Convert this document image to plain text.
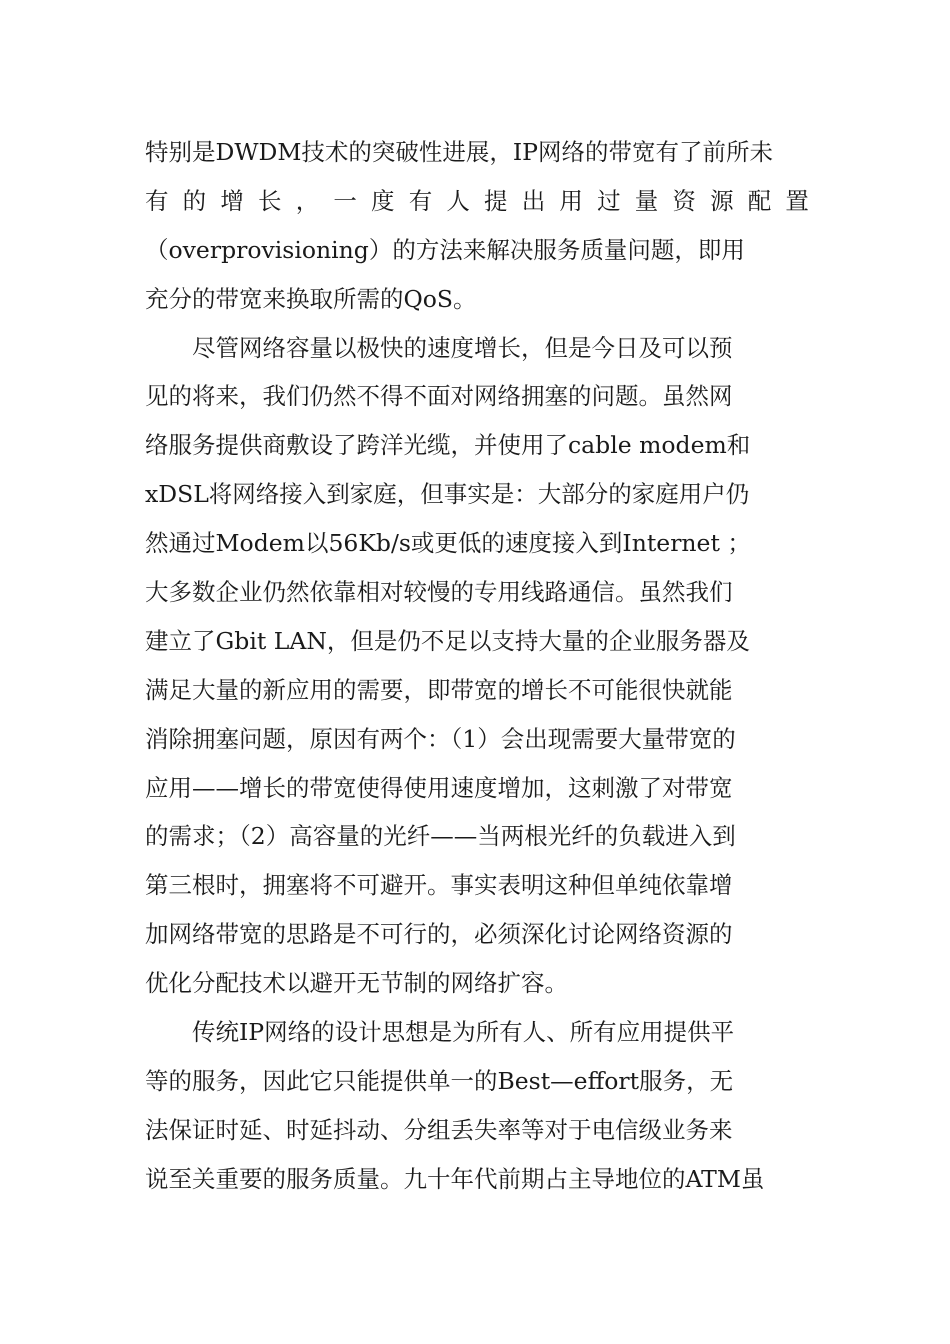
特别是DWDM技术的突破性进展，IP网络的带宽有了前所未
有 的 增 长 ， 一 度 有 人 提 出 用 过 量 资 源 配 置
（overprovisioning）的方法来解决服务质量问题，即用
充分的带宽来换取所需的QoS。
尽管网络容量以极快的速度增长，但是今日及可以预
见的将来，我们仍然不得不面对网络拥塞的问题。虽然网
络服务提供商敷设了跨洋光缆，并使用了cable modem和
xDSL将网络接入到家庭，但事实是：大部分的家庭用户仍
然通过Modem以56Kb/s或更低的速度接入到Internet ；
大多数企业仍然依靠相对较慢的专用线路通信。虽然我们
建立了Gbit LAN，但是仍不足以支持大量的企业服务器及
满足大量的新应用的需要，即带宽的增长不可能很快就能
消除拥塞问题，原因有两个：（1）会出现需要大量带宽的
应用——增长的带宽使得使用速度增加，这刺激了对带宽
的需求；（2）高容量的光纤——当两根光纤的负载进入到
第三根时，拥塞将不可避开。事实表明这种但单纯依靠增
加网络带宽的思路是不可行的，必须深化讨论网络资源的
优化分配技术以避开无节制的网络扩容。
传统IP网络的设计思想是为所有人、所有应用提供平
等的服务，因此它只能提供单一的Best—effort服务，无
法保证时延、时延抖动、分组丢失率等对于电信级业务来
说至关重要的服务质量。九十年代前期占主导地位的ATM虽
